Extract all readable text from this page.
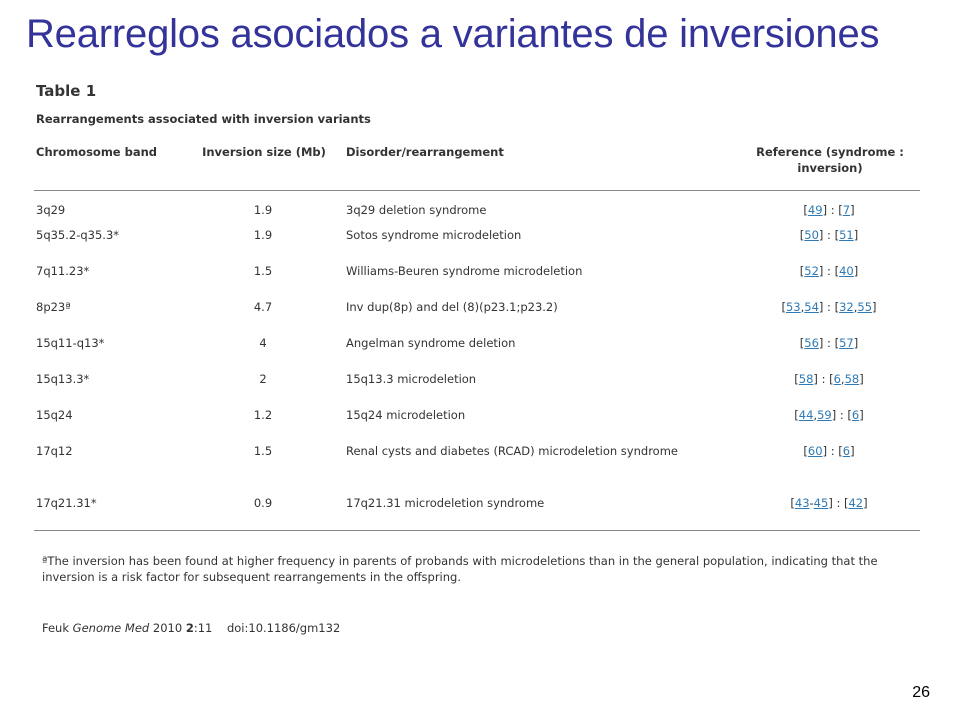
Rearreglos asociados a variantes de inversiones
Table 1
Rearrangements associated with inversion variants
Chromosome band	Inversion size (Mb)	Disorder/rearrangement	Reference (syndrome : inversion)
3q29	1.9	3q29 deletion syndrome	[49] : [7]
5q35.2-q35.3*	1.9	Sotos syndrome microdeletion	[50] : [51]
7q11.23*	1.5	Williams-Beuren syndrome microdeletion	[52] : [40]
8p23ª	4.7	Inv dup(8p) and del (8)(p23.1;p23.2)	[53,54] : [32,55]
15q11-q13*	4	Angelman syndrome deletion	[56] : [57]
15q13.3*	2	15q13.3 microdeletion	[58] : [6,58]
15q24	1.2	15q24 microdeletion	[44,59] : [6]
17q12	1.5	Renal cysts and diabetes (RCAD) microdeletion syndrome	[60] : [6]
17q21.31*	0.9	17q21.31 microdeletion syndrome	[43-45] : [42]
ªThe inversion has been found at higher frequency in parents of probands with microdeletions than in the general population, indicating that the inversion is a risk factor for subsequent rearrangements in the offspring.
Feuk Genome Med 2010 2:11 doi:10.1186/gm132
26
